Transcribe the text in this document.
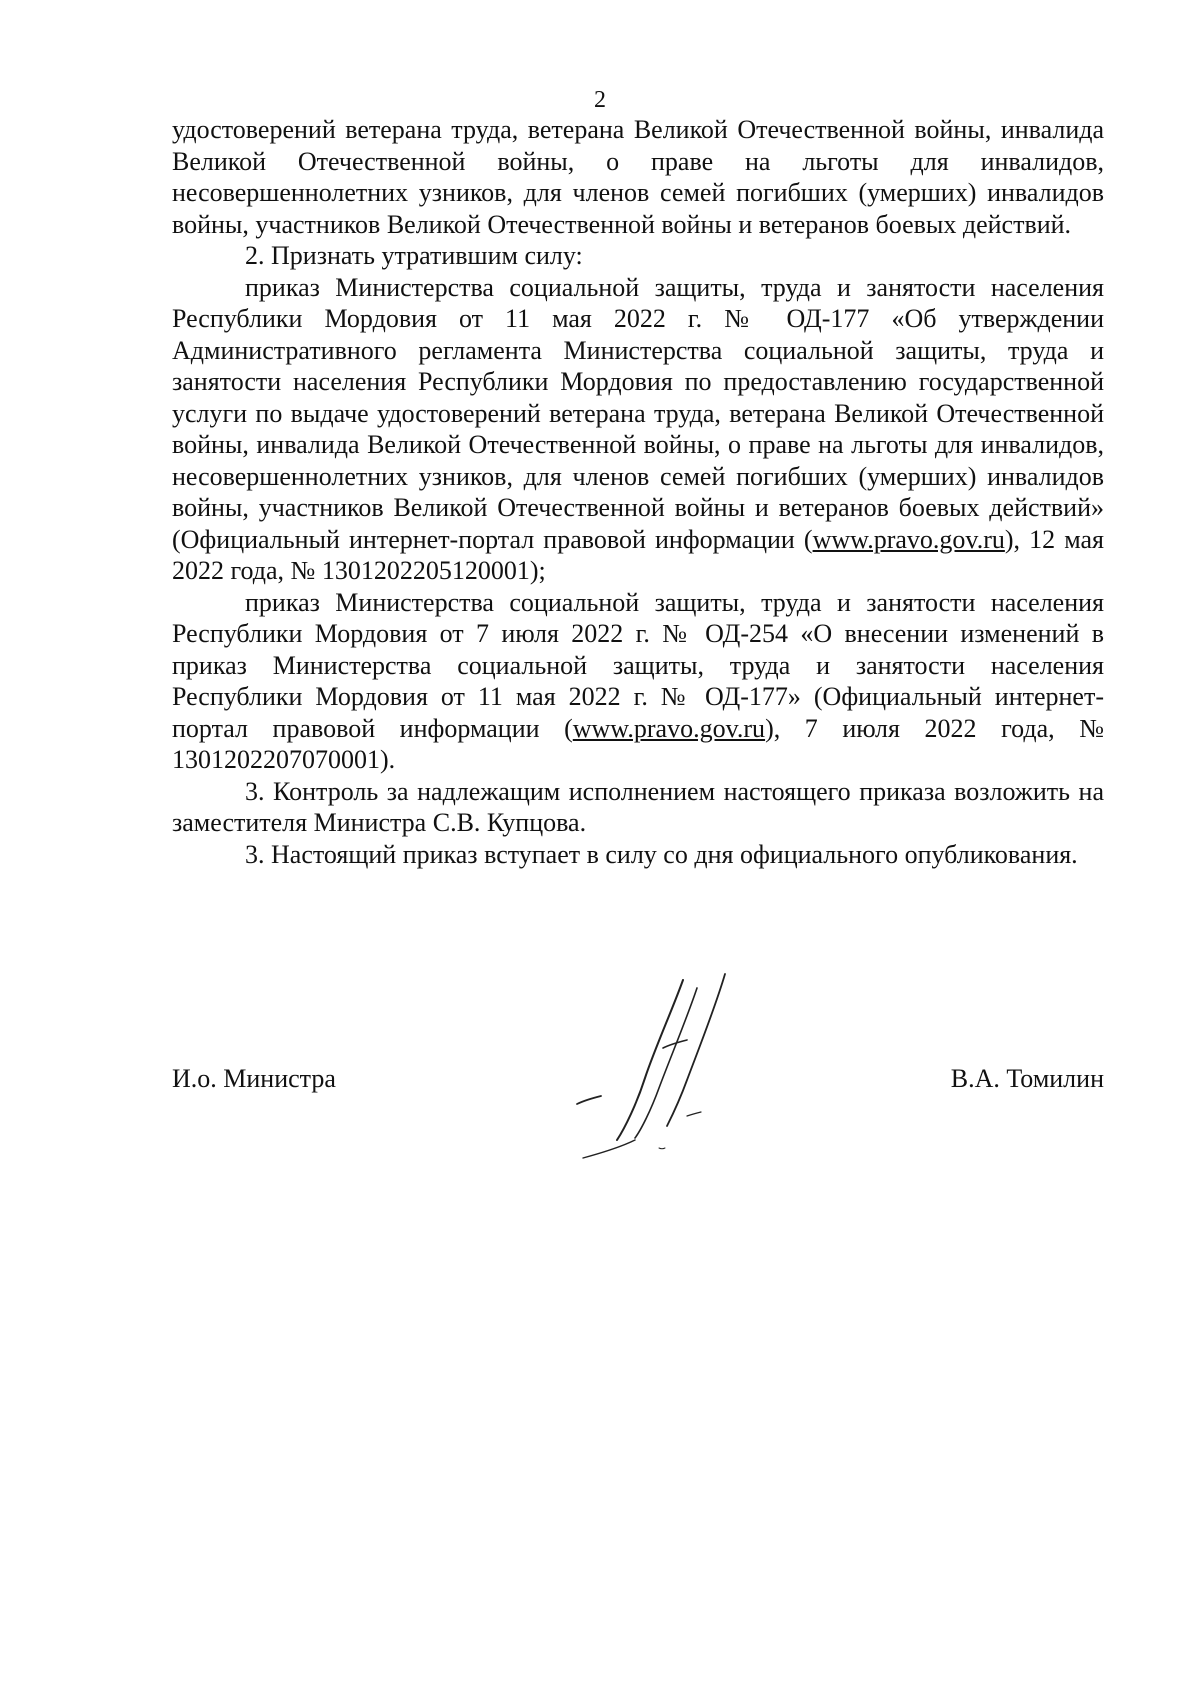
2

удостоверений ветерана труда, ветерана Великой Отечественной войны, инвалида Великой Отечественной войны, о праве на льготы для инвалидов, несовершеннолетних узников, для членов семей погибших (умерших) инвалидов войны, участников Великой Отечественной войны и ветеранов боевых действий.

2. Признать утратившим силу:

приказ Министерства социальной защиты, труда и занятости населения Республики Мордовия от 11 мая 2022 г. № ОД-177 «Об утверждении Административного регламента Министерства социальной защиты, труда и занятости населения Республики Мордовия по предоставлению государственной услуги по выдаче удостоверений ветерана труда, ветерана Великой Отечественной войны, инвалида Великой Отечественной войны, о праве на льготы для инвалидов, несовершеннолетних узников, для членов семей погибших (умерших) инвалидов войны, участников Великой Отечественной войны и ветеранов боевых действий» (Официальный интернет-портал правовой информации (www.pravo.gov.ru), 12 мая 2022 года, № 1301202205120001);

приказ Министерства социальной защиты, труда и занятости населения Республики Мордовия от 7 июля 2022 г. № ОД-254 «О внесении изменений в приказ Министерства социальной защиты, труда и занятости населения Республики Мордовия от 11 мая 2022 г. № ОД-177» (Официальный интернет-портал правовой информации (www.pravo.gov.ru), 7 июля 2022 года, № 1301202207070001).

3. Контроль за надлежащим исполнением настоящего приказа возложить на заместителя Министра С.В. Купцова.

3. Настоящий приказ вступает в силу со дня официального опубликования.

И.о. Министра	В.А. Томилин
